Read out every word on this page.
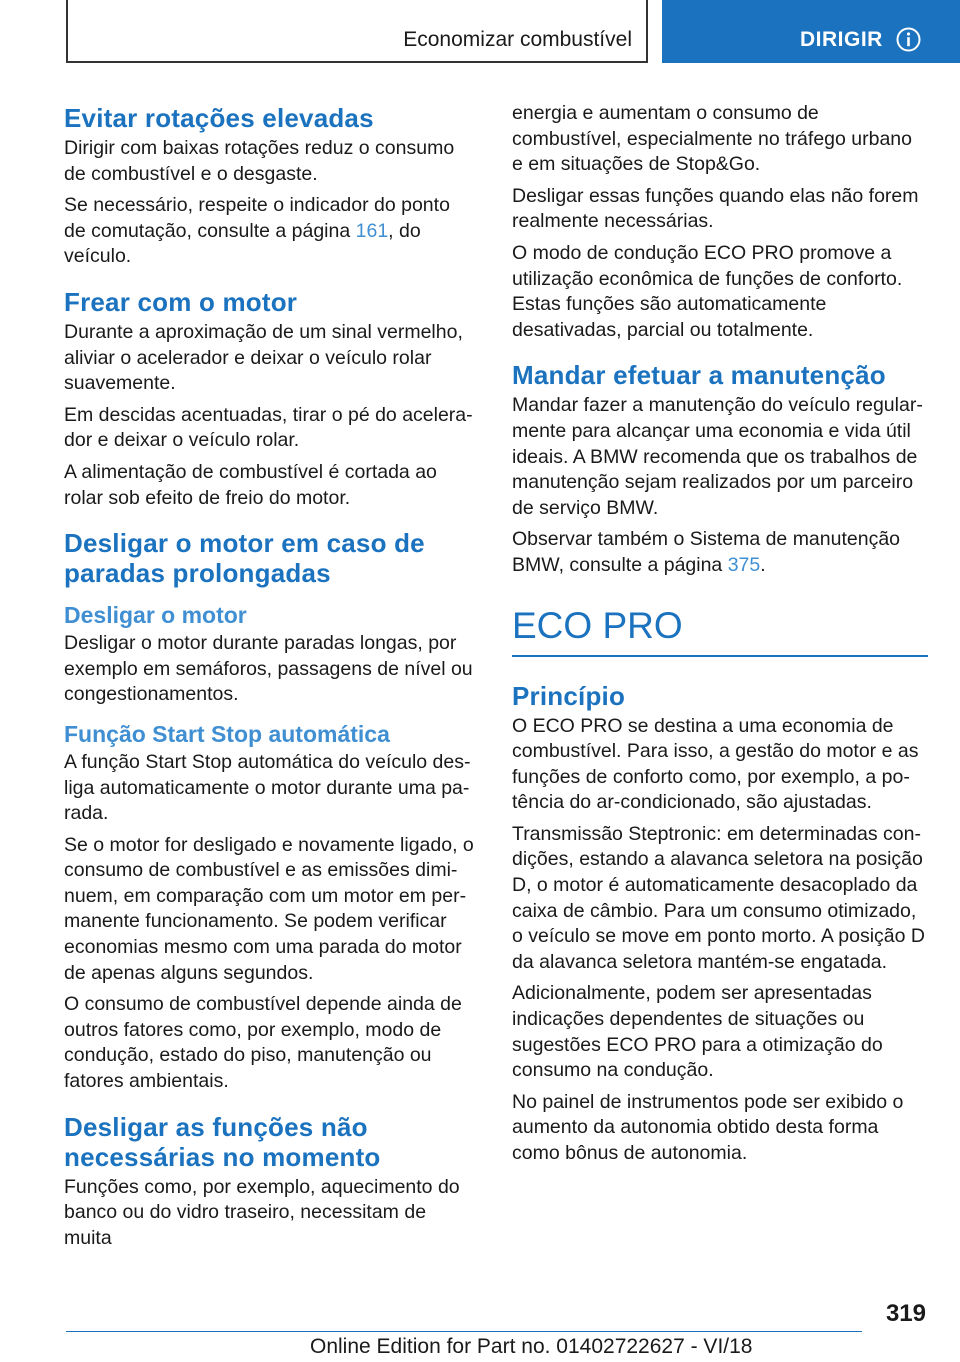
Economizar combustível	DIRIGIR
Evitar rotações elevadas

Dirigir com baixas rotações reduz o consumo de combustível e o desgaste.

Se necessário, respeite o indicador do ponto de comutação, consulte a página 161, do veículo.

Frear com o motor

Durante a aproximação de um sinal vermelho, aliviar o acelerador e deixar o veículo rolar suavemente.

Em descidas acentuadas, tirar o pé do acelerador e deixar o veículo rolar.

A alimentação de combustível é cortada ao rolar sob efeito de freio do motor.

Desligar o motor em caso de paradas prolongadas
Desligar o motor

Desligar o motor durante paradas longas, por exemplo em semáforos, passagens de nível ou congestionamentos.

Função Start Stop automática

A função Start Stop automática do veículo desliga automaticamente o motor durante uma parada.

Se o motor for desligado e novamente ligado, o consumo de combustível e as emissões diminuem, em comparação com um motor em permanente funcionamento. Se podem verificar economias mesmo com uma parada do motor de apenas alguns segundos.

O consumo de combustível depende ainda de outros fatores como, por exemplo, modo de condução, estado do piso, manutenção ou fatores ambientais.

Desligar as funções não necessárias no momento

Funções como, por exemplo, aquecimento do banco ou do vidro traseiro, necessitam de muita

energia e aumentam o consumo de combustível, especialmente no tráfego urbano e em situações de Stop&Go.

Desligar essas funções quando elas não forem realmente necessárias.

O modo de condução ECO PRO promove a utilização econômica de funções de conforto. Estas funções são automaticamente desativadas, parcial ou totalmente.

Mandar efetuar a manutenção

Mandar fazer a manutenção do veículo regularmente para alcançar uma economia e vida útil ideais. A BMW recomenda que os trabalhos de manutenção sejam realizados por um parceiro de serviço BMW.

Observar também o Sistema de manutenção BMW, consulte a página 375.

ECO PRO
Princípio

O ECO PRO se destina a uma economia de combustível. Para isso, a gestão do motor e as funções de conforto como, por exemplo, a potência do ar-condicionado, são ajustadas.

Transmissão Steptronic: em determinadas condições, estando a alavanca seletora na posição D, o motor é automaticamente desacoplado da caixa de câmbio. Para um consumo otimizado, o veículo se move em ponto morto. A posição D da alavanca seletora mantém-se engatada.

Adicionalmente, podem ser apresentadas indicações dependentes de situações ou sugestões ECO PRO para a otimização do consumo na condução.

No painel de instrumentos pode ser exibido o aumento da autonomia obtido desta forma como bônus de autonomia.

319
Online Edition for Part no. 01402722627 - VI/18
